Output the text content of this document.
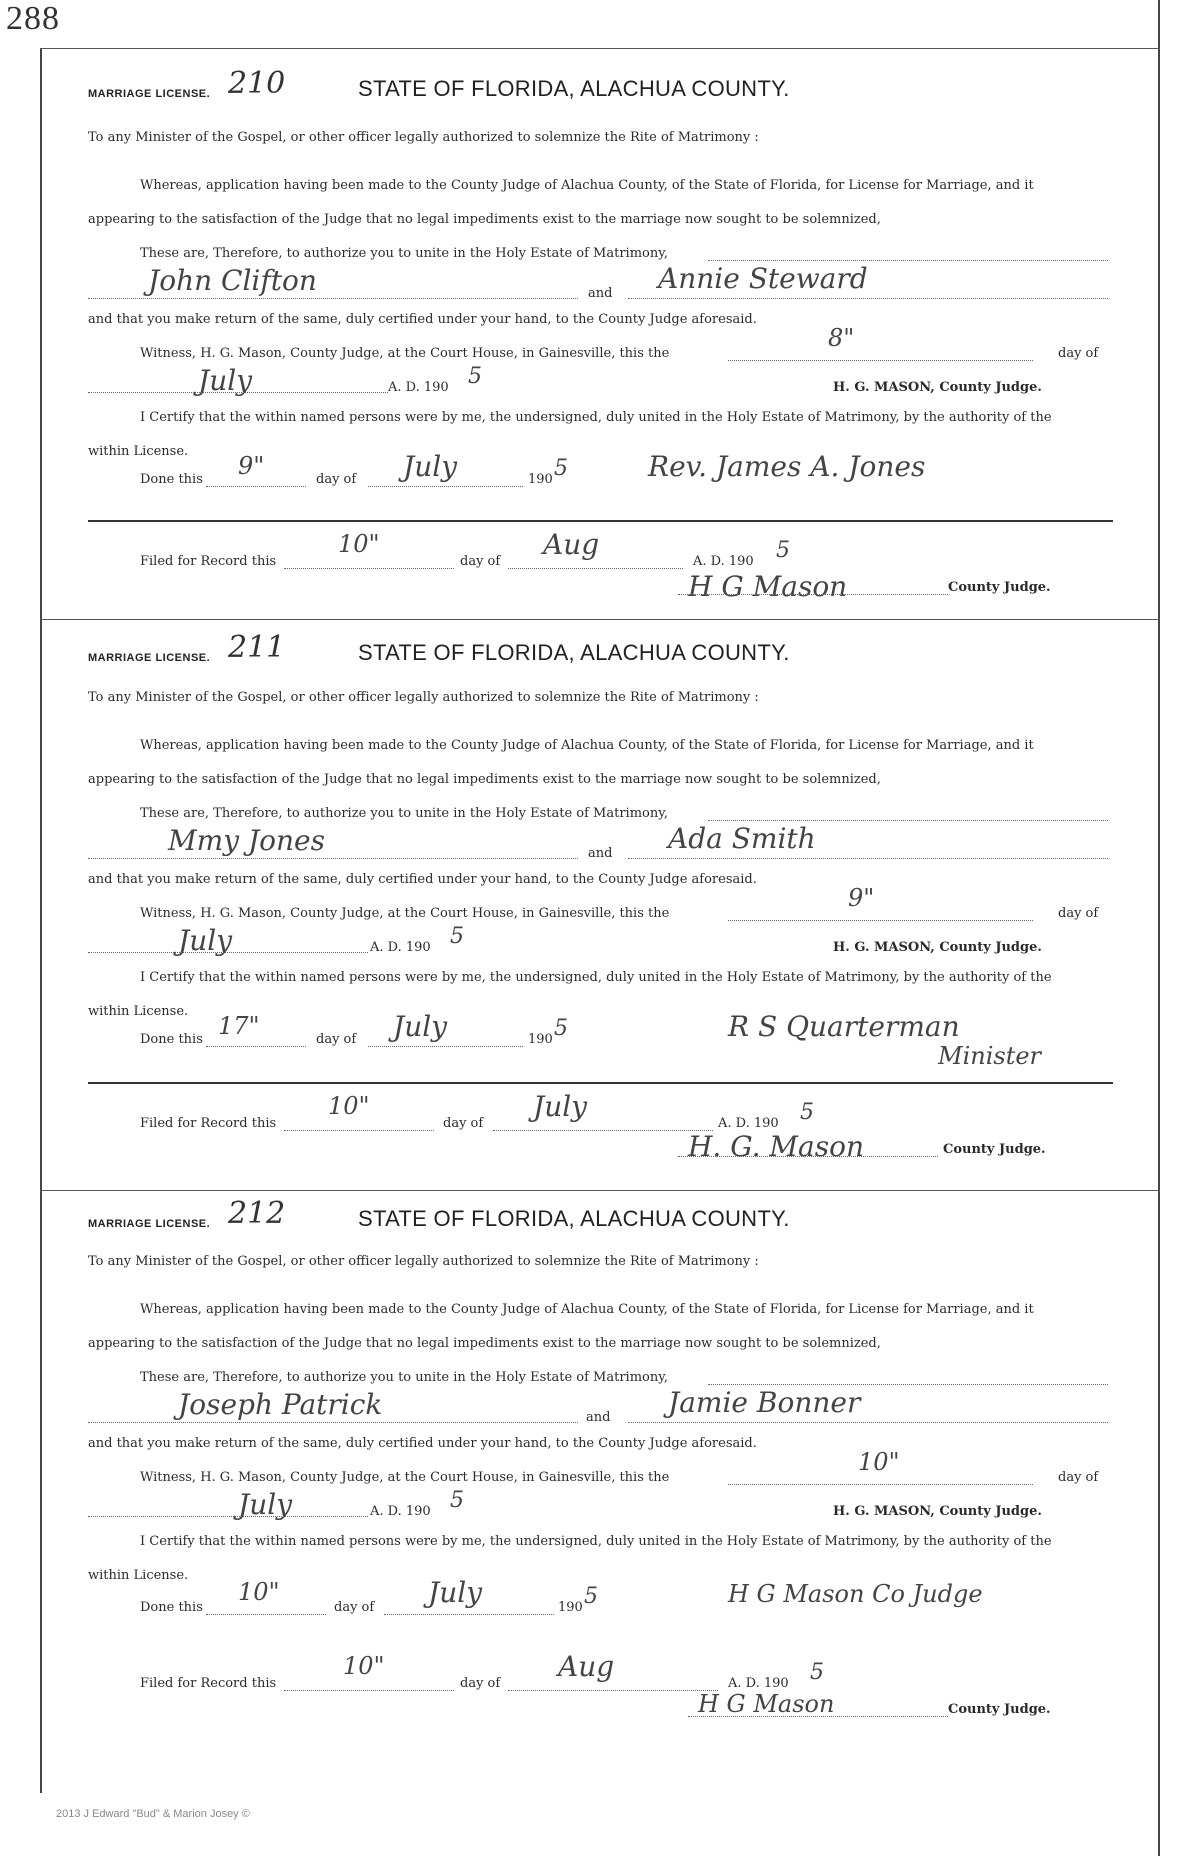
288
MARRIAGE LICENSE. 210	STATE OF FLORIDA, ALACHUA COUNTY.
To any Minister of the Gospel, or other officer legally authorized to solemnize the Rite of Matrimony :
Whereas, application having been made to the County Judge of Alachua County, of the State of Florida, for License for Marriage, and it
appearing to the satisfaction of the Judge that no legal impediments exist to the marriage now sought to be solemnized,
These are, Therefore, to authorize you to unite in the Holy Estate of Matrimony,
John Clifton	and Annie Steward
and that you make return of the same, duly certified under your hand, to the County Judge aforesaid.
Witness, H. G. Mason, County Judge, at the Court House, in Gainesville, this the
8"
day of
July	A. D. 190 5	H. G. MASON, County Judge.
I Certify that the within named persons were by me, the undersigned, duly united in the Holy Estate of Matrimony, by the authority of the
within License.
Done this 9"	day of July	190 5	Rev. James A. Jones
Filed for Record this
10"
day of
Aug
A. D. 190 5
H G Mason	County Judge.
MARRIAGE LICENSE. 211	STATE OF FLORIDA, ALACHUA COUNTY.
To any Minister of the Gospel, or other officer legally authorized to solemnize the Rite of Matrimony :
Whereas, application having been made to the County Judge of Alachua County, of the State of Florida, for License for Marriage, and it
appearing to the satisfaction of the Judge that no legal impediments exist to the marriage now sought to be solemnized,
These are, Therefore, to authorize you to unite in the Holy Estate of Matrimony,
Mmy Jones	and Ada Smith
and that you make return of the same, duly certified under your hand, to the County Judge aforesaid.
Witness, H. G. Mason, County Judge, at the Court House, in Gainesville, this the
9"
day of
July	A. D. 190 5	H. G. MASON, County Judge.
I Certify that the within named persons were by me, the undersigned, duly united in the Holy Estate of Matrimony, by the authority of the
within License.
Done this 17"	day of July	190 5	R S Quarterman
Minister
Filed for Record this
10"
day of
July
A. D. 190 5
H. G. Mason	County Judge.
MARRIAGE LICENSE. 212	STATE OF FLORIDA, ALACHUA COUNTY.
To any Minister of the Gospel, or other officer legally authorized to solemnize the Rite of Matrimony :
Whereas, application having been made to the County Judge of Alachua County, of the State of Florida, for License for Marriage, and it
appearing to the satisfaction of the Judge that no legal impediments exist to the marriage now sought to be solemnized,
These are, Therefore, to authorize you to unite in the Holy Estate of Matrimony,
Joseph Patrick	and Jamie Bonner
and that you make return of the same, duly certified under your hand, to the County Judge aforesaid.
Witness, H. G. Mason, County Judge, at the Court House, in Gainesville, this the
10"
day of
July	A. D. 190 5	H. G. MASON, County Judge.
I Certify that the within named persons were by me, the undersigned, duly united in the Holy Estate of Matrimony, by the authority of the
within License.
Done this
10"
day of July	190 5	H G Mason Co Judge
Filed for Record this
10"
day of
Aug
A. D. 190 5
H G Mason	County Judge.
2013 J Edward "Bud" & Marion Josey ©
